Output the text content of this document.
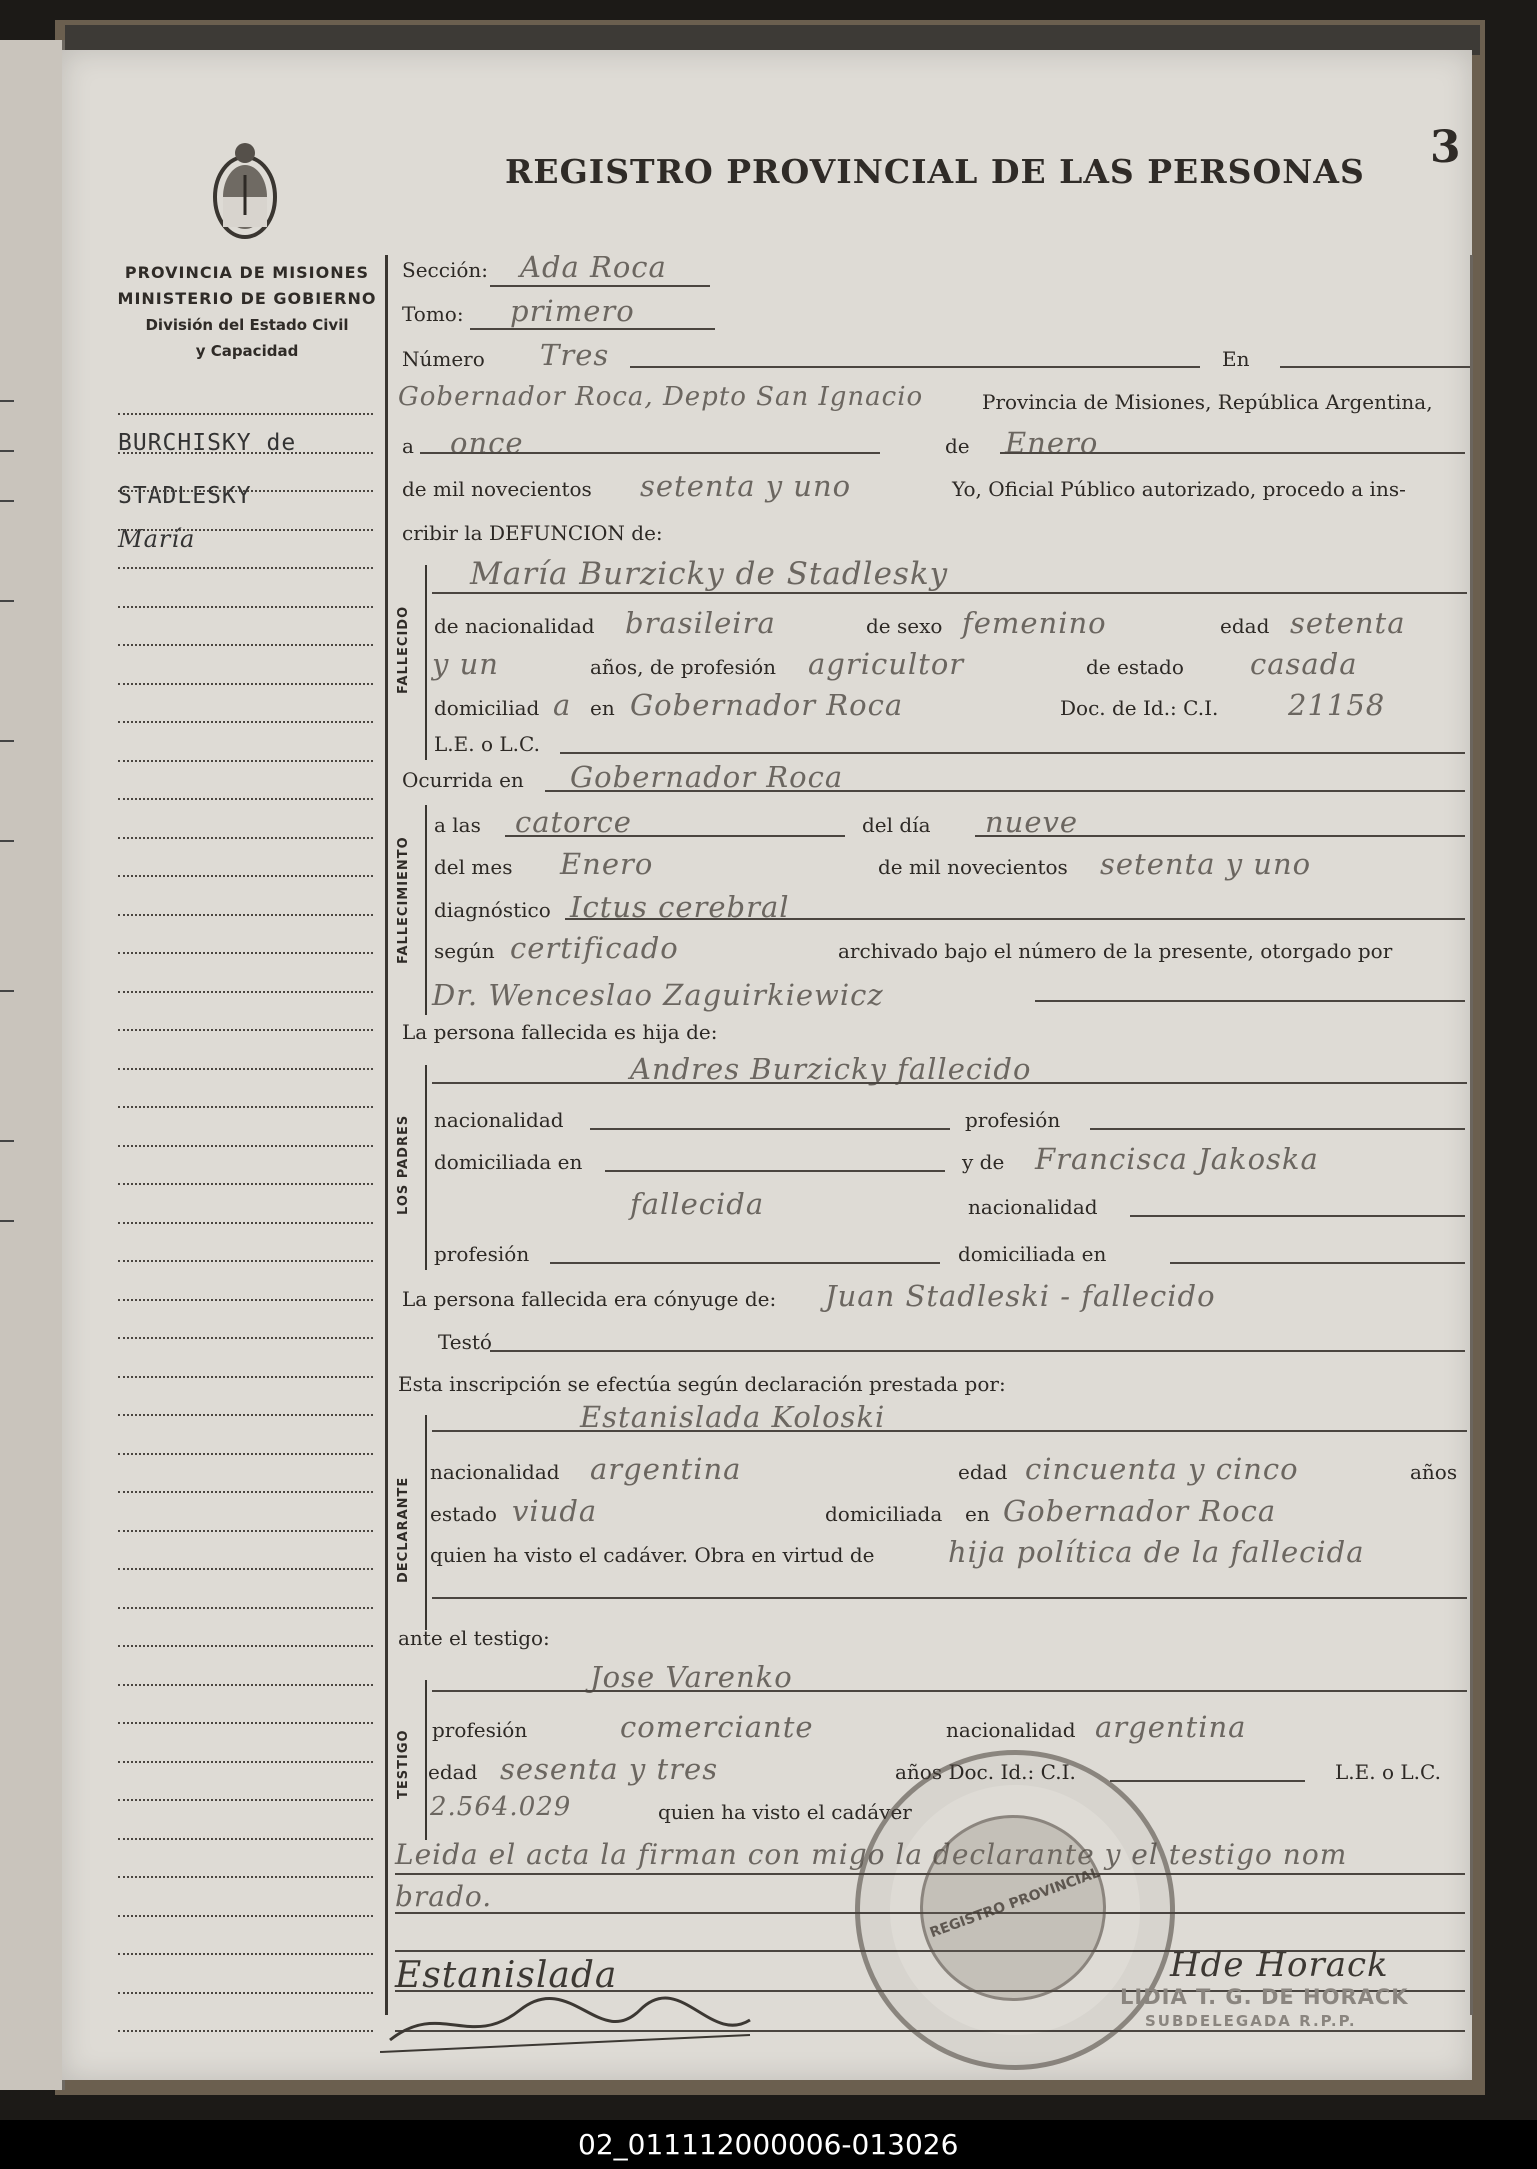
REGISTRO PROVINCIAL DE LAS PERSONAS 3
PROVINCIA DE MISIONES
MINISTERIO DE GOBIERNO
División del Estado Civil
y Capacidad
BURCHISKY de
STADLESKY
María
Sección: Ada Roca
Tomo: primero
Número Tres	En
Gobernador Roca, Depto San Ignacio	Provincia de Misiones, República Argentina,
a once	de Enero
de mil novecientos setenta y uno	Yo, Oficial Público autorizado, procedo a ins-
cribir la DEFUNCION de:
FALLECIDO
María Burzicky de Stadlesky
de nacionalidad brasileira	de sexo femenino	edad setenta
y un	años, de profesión agricultor	de estado casada
domiciliad a en Gobernador Roca	Doc. de Id.: C.I. 21158
L.E. o L.C.
Ocurrida en Gobernador Roca
FALLECIMIENTO
a las catorce	del día nueve
del mes Enero	de mil novecientos setenta y uno
diagnóstico Ictus cerebral
según certificado	archivado bajo el número de la presente, otorgado por
Dr. Wenceslao Zaguirkiewicz
La persona fallecida es hija de:
LOS PADRES
Andres Burzicky fallecido
nacionalidad	profesión
domiciliada en	y de Francisca Jakoska
fallecida	nacionalidad
profesión	domiciliada en
La persona fallecida era cónyuge de: Juan Stadleski - fallecido
Testó
Esta inscripción se efectúa según declaración prestada por:
DECLARANTE
Estanislada Koloski
nacionalidad argentina	edad cincuenta y cinco	años
estado viuda	domiciliada en Gobernador Roca
quien ha visto el cadáver. Obra en virtud de	hija política de la fallecida
ante el testigo:
TESTIGO
Jose Varenko
profesión	comerciante	nacionalidad argentina
edad sesenta y tres	años Doc. Id.: C.I.	L.E. o L.C.
2.564.029	quien ha visto el cadáver
Leida el acta la firman con migo la declarante y el testigo nom
brado.
Estanislada	Hde Horack
REGISTRO PROVINCIAL
LIDIA T. G. DE HORACK
SUBDELEGADA R.P.P.
02_011112000006-013026
